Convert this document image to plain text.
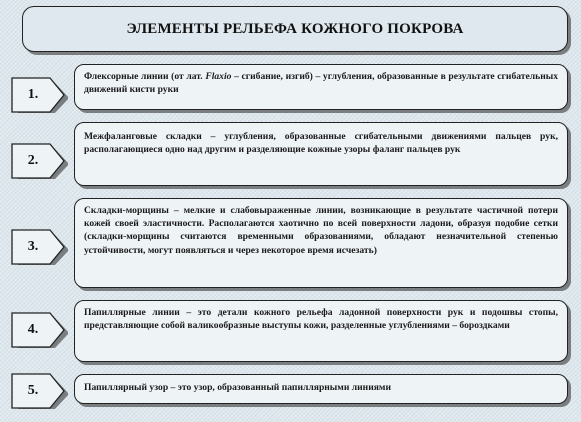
ЭЛЕМЕНТЫ РЕЛЬЕФА КОЖНОГО ПОКРОВА
1.
Флексорные линии (от лат. Flaxio – сгибание, изгиб) – углубления, образованные в результате сгибательных движений кисти руки
2.
Межфаланговые складки – углубления, образованные сгибательными движениями пальцев рук, располагающиеся одно над другим и разделяющие кожные узоры фаланг пальцев рук
3.
Складки-морщины – мелкие и слабовыраженные линии, возникающие в результате частичной потери кожей своей эластичности. Располагаются хаотично по всей поверхности ладони, образуя подобие сетки (складки-морщины считаются временными образованиями, обладают незначительной степенью устойчивости, могут появляться и через некоторое время исчезать)
4.
Папиллярные линии – это детали кожного рельефа ладонной поверхности рук и подошвы стопы, представляющие собой валикообразные выступы кожи, разделенные углублениями – бороздками
5.	Папиллярный узор – это узор, образованный папиллярными линиями
